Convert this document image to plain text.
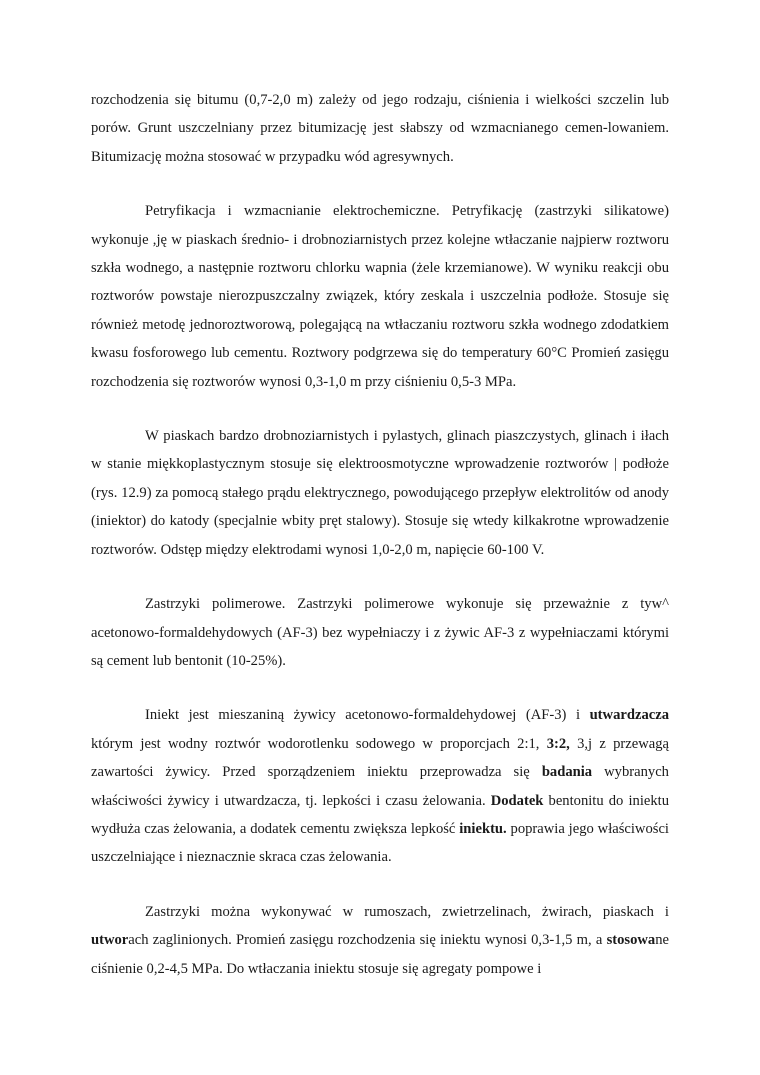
rozchodzenia się bitumu (0,7-2,0 m) zależy od jego rodzaju, ciśnienia i wielkości szczelin lub porów. Grunt uszczelniany przez bitumizację jest słabszy od wzmacnianego cemen-lowaniem. Bitumizację można stosować w przypadku wód agresywnych.

Petryfikacja i wzmacnianie elektrochemiczne. Petryfikację (zastrzyki silikatowe) wykonuje ,ję w piaskach średnio- i drobnoziarnistych przez kolejne wtłaczanie najpierw roztworu szkła wodnego, a następnie roztworu chlorku wapnia (żele krzemianowe). W wyniku reakcji obu roztworów powstaje nierozpuszczalny związek, który zeskala i uszczelnia podłoże. Stosuje się również metodę jednoroztworową, polegającą na wtłaczaniu roztworu szkła wodnego zdodatkiem kwasu fosforowego lub cementu. Roztwory podgrzewa się do temperatury 60°C Promień zasięgu rozchodzenia się roztworów wynosi 0,3-1,0 m przy ciśnieniu 0,5-3 MPa.

W piaskach bardzo drobnoziarnistych i pylastych, glinach piaszczystych, glinach i iłach w stanie miękkoplastycznym stosuje się elektroosmotyczne wprowadzenie roztworów | podłoże (rys. 12.9) za pomocą stałego prądu elektrycznego, powodującego przepływ elektrolitów od anody (iniektor) do katody (specjalnie wbity pręt stalowy). Stosuje się wtedy kilkakrotne wprowadzenie roztworów. Odstęp między elektrodami wynosi 1,0-2,0 m, napięcie 60-100 V.

Zastrzyki polimerowe. Zastrzyki polimerowe wykonuje się przeważnie z tyw^ acetonowo-formaldehydowych (AF-3) bez wypełniaczy i z żywic AF-3 z wypełniaczami którymi są cement lub bentonit (10-25%).

Iniekt jest mieszaniną żywicy acetonowo-formaldehydowej (AF-3) i utwardzacza którym jest wodny roztwór wodorotlenku sodowego w proporcjach 2:1, 3:2, 3,j z przewagą zawartości żywicy. Przed sporządzeniem iniektu przeprowadza się badania wybranych właściwości żywicy i utwardzacza, tj. lepkości i czasu żelowania. Dodatek bentonitu do iniektu wydłuża czas żelowania, a dodatek cementu zwiększa lepkość iniektu. poprawia jego właściwości uszczelniające i nieznacznie skraca czas żelowania.

Zastrzyki można wykonywać w rumoszach, zwietrzelinach, żwirach, piaskach i utworach zaglinionych. Promień zasięgu rozchodzenia się iniektu wynosi 0,3-1,5 m, a stosowane ciśnienie 0,2-4,5 MPa. Do wtłaczania iniektu stosuje się agregaty pompowe i
